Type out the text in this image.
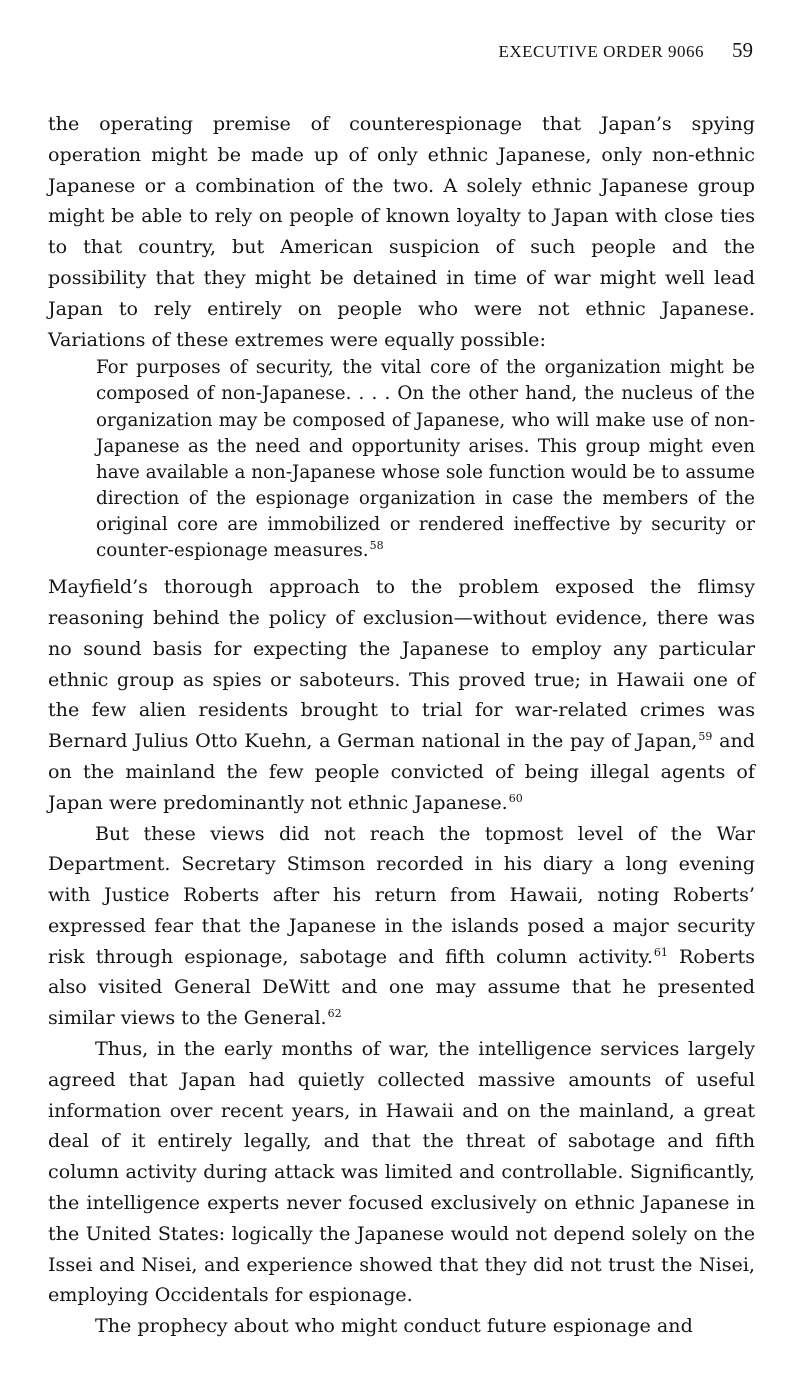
EXECUTIVE ORDER 9066 59

the operating premise of counterespionage that Japan’s spying operation might be made up of only ethnic Japanese, only non-ethnic Japanese or a combination of the two. A solely ethnic Japanese group might be able to rely on people of known loyalty to Japan with close ties to that country, but American suspicion of such people and the possibility that they might be detained in time of war might well lead Japan to rely entirely on people who were not ethnic Japanese. Variations of these extremes were equally possible:

For purposes of security, the vital core of the organization might be composed of non-Japanese. . . . On the other hand, the nucleus of the organization may be composed of Japanese, who will make use of non-Japanese as the need and opportunity arises. This group might even have available a non-Japanese whose sole function would be to assume direction of the espionage organization in case the members of the original core are immobilized or rendered ineffective by security or counter-espionage measures.$^{58}$

Mayfield’s thorough approach to the problem exposed the flimsy reasoning behind the policy of exclusion—without evidence, there was no sound basis for expecting the Japanese to employ any particular ethnic group as spies or saboteurs. This proved true; in Hawaii one of the few alien residents brought to trial for war-related crimes was Bernard Julius Otto Kuehn, a German national in the pay of Japan,$^{59}$ and on the mainland the few people convicted of being illegal agents of Japan were predominantly not ethnic Japanese.$^{60}$

But these views did not reach the topmost level of the War Department. Secretary Stimson recorded in his diary a long evening with Justice Roberts after his return from Hawaii, noting Roberts’ expressed fear that the Japanese in the islands posed a major security risk through espionage, sabotage and fifth column activity.$^{61}$ Roberts also visited General DeWitt and one may assume that he presented similar views to the General.$^{62}$

Thus, in the early months of war, the intelligence services largely agreed that Japan had quietly collected massive amounts of useful information over recent years, in Hawaii and on the mainland, a great deal of it entirely legally, and that the threat of sabotage and fifth column activity during attack was limited and controllable. Significantly, the intelligence experts never focused exclusively on ethnic Japanese in the United States: logically the Japanese would not depend solely on the Issei and Nisei, and experience showed that they did not trust the Nisei, employing Occidentals for espionage.

The prophecy about who might conduct future espionage and
